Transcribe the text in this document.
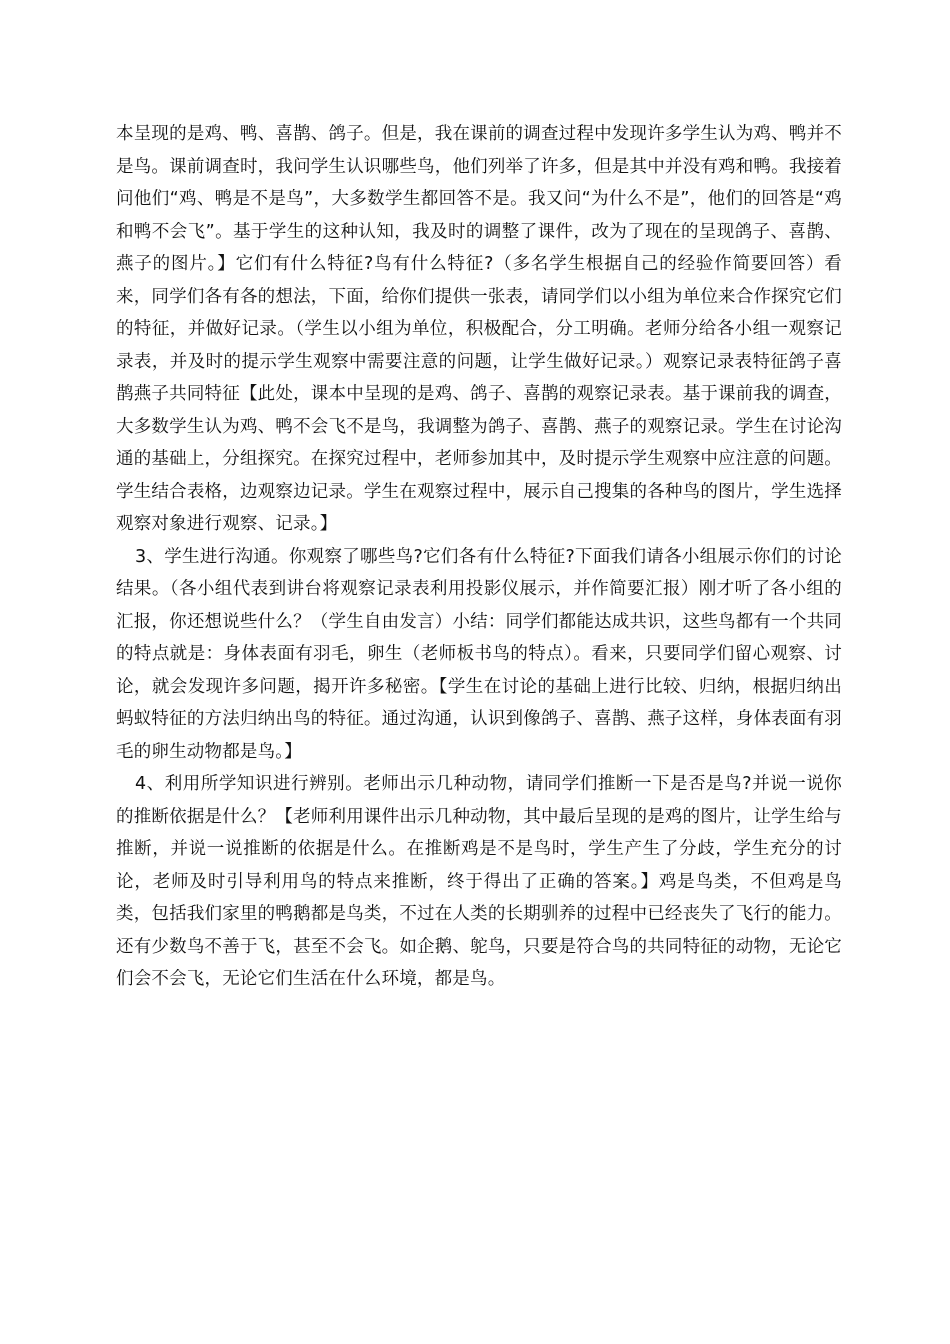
本呈现的是鸡、鸭、喜鹊、鸽子。但是，我在课前的调查过程中发现许多学生认为鸡、鸭并不是鸟。课前调查时，我问学生认识哪些鸟，他们列举了许多，但是其中并没有鸡和鸭。我接着问他们“鸡、鸭是不是鸟”，大多数学生都回答不是。我又问“为什么不是”，他们的回答是“鸡和鸭不会飞”。基于学生的这种认知，我及时的调整了课件，改为了现在的呈现鸽子、喜鹊、燕子的图片。】它们有什么特征?鸟有什么特征?（多名学生根据自己的经验作简要回答）看来，同学们各有各的想法，下面，给你们提供一张表，请同学们以小组为单位来合作探究它们的特征，并做好记录。（学生以小组为单位，积极配合，分工明确。老师分给各小组一观察记录表，并及时的提示学生观察中需要注意的问题，让学生做好记录。）观察记录表特征鸽子喜鹊燕子共同特征【此处，课本中呈现的是鸡、鸽子、喜鹊的观察记录表。基于课前我的调查，大多数学生认为鸡、鸭不会飞不是鸟，我调整为鸽子、喜鹊、燕子的观察记录。学生在讨论沟通的基础上，分组探究。在探究过程中，老师参加其中，及时提示学生观察中应注意的问题。学生结合表格，边观察边记录。学生在观察过程中，展示自己搜集的各种鸟的图片，学生选择观察对象进行观察、记录。】

3、学生进行沟通。你观察了哪些鸟?它们各有什么特征?下面我们请各小组展示你们的讨论结果。（各小组代表到讲台将观察记录表利用投影仪展示，并作简要汇报）刚才听了各小组的汇报，你还想说些什么？（学生自由发言）小结：同学们都能达成共识，这些鸟都有一个共同的特点就是：身体表面有羽毛，卵生（老师板书鸟的特点）。看来，只要同学们留心观察、讨论，就会发现许多问题，揭开许多秘密。【学生在讨论的基础上进行比较、归纳，根据归纳出蚂蚁特征的方法归纳出鸟的特征。通过沟通，认识到像鸽子、喜鹊、燕子这样，身体表面有羽毛的卵生动物都是鸟。】

4、利用所学知识进行辨别。老师出示几种动物，请同学们推断一下是否是鸟?并说一说你的推断依据是什么？【老师利用课件出示几种动物，其中最后呈现的是鸡的图片，让学生给与推断，并说一说推断的依据是什么。在推断鸡是不是鸟时，学生产生了分歧，学生充分的讨论，老师及时引导利用鸟的特点来推断，终于得出了正确的答案。】鸡是鸟类，不但鸡是鸟类，包括我们家里的鸭鹅都是鸟类，不过在人类的长期驯养的过程中已经丧失了飞行的能力。还有少数鸟不善于飞，甚至不会飞。如企鹅、鸵鸟，只要是符合鸟的共同特征的动物，无论它们会不会飞，无论它们生活在什么环境，都是鸟。
